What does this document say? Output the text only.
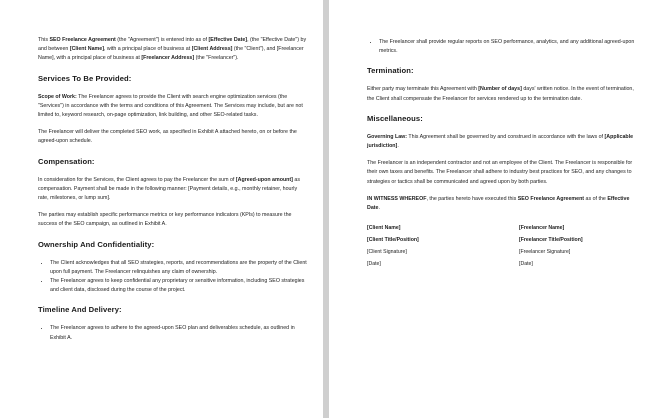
This SEO Freelance Agreement (the "Agreement") is entered into as of [Effective Date], (the "Effective Date") by and between [Client Name], with a principal place of business at [Client Address] (the "Client"), and [Freelancer Name], with a principal place of business at [Freelancer Address] (the "Freelancer").

Services To Be Provided:

Scope of Work: The Freelancer agrees to provide the Client with search engine optimization services (the "Services") in accordance with the terms and conditions of this Agreement. The Services may include, but are not limited to, keyword research, on-page optimization, link building, and other SEO-related tasks.

The Freelancer will deliver the completed SEO work, as specified in Exhibit A attached hereto, on or before the agreed-upon schedule.

Compensation:

In consideration for the Services, the Client agrees to pay the Freelancer the sum of [Agreed-upon amount] as compensation. Payment shall be made in the following manner: [Payment details, e.g., monthly retainer, hourly rate, milestones, or lump sum].

The parties may establish specific performance metrics or key performance indicators (KPIs) to measure the success of the SEO campaign, as outlined in Exhibit A.

Ownership And Confidentiality:
• The Client acknowledges that all SEO strategies, reports, and recommendations are the property of the Client upon full payment. The Freelancer relinquishes any claim of ownership.
• The Freelancer agrees to keep confidential any proprietary or sensitive information, including SEO strategies and client data, disclosed during the course of the project.
Timeline And Delivery:
• The Freelancer agrees to adhere to the agreed-upon SEO plan and deliverables schedule, as outlined in Exhibit A.
• The Freelancer shall provide regular reports on SEO performance, analytics, and any additional agreed-upon metrics.
Termination:

Either party may terminate this Agreement with [Number of days] days' written notice. In the event of termination, the Client shall compensate the Freelancer for services rendered up to the termination date.

Miscellaneous:

Governing Law: This Agreement shall be governed by and construed in accordance with the laws of [Applicable jurisdiction].

The Freelancer is an independent contractor and not an employee of the Client. The Freelancer is responsible for their own taxes and benefits. The Freelancer shall adhere to industry best practices for SEO, and any changes to strategies or tactics shall be communicated and agreed upon by both parties.

IN WITNESS WHEREOF, the parties hereto have executed this SEO Freelance Agreement as of the Effective Date.

[Client Name]
[Client Title/Position]
[Client Signature]
[Date]
[Freelancer Name]
[Freelancer Title/Position]
[Freelancer Signature]
[Date]
